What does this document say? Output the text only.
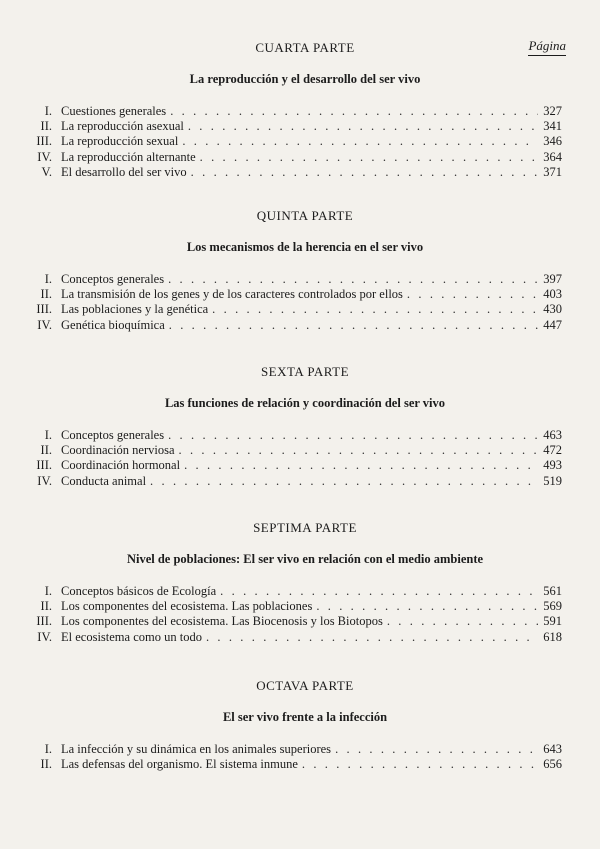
Página
CUARTA PARTE
La reproducción y el desarrollo del ser vivo
I. Cuestiones generales . . .	327
II. La reproducción asexual . . .	341
III. La reproducción sexual . . .	346
IV. La reproducción alternante . . .	364
V. El desarrollo del ser vivo . . .	371
QUINTA PARTE
Los mecanismos de la herencia en el ser vivo
I. Conceptos generales . . .	397
II. La transmisión de los genes y de los caracteres controlados por ellos . . .	403
III. Las poblaciones y la genética . . .	430
IV. Genética bioquímica . . .	447
SEXTA PARTE
Las funciones de relación y coordinación del ser vivo
I. Conceptos generales . . .	463
II. Coordinación nerviosa . . .	472
III. Coordinación hormonal . . .	493
IV. Conducta animal . . .	519
SEPTIMA PARTE
Nivel de poblaciones: El ser vivo en relación con el medio ambiente
I. Conceptos básicos de Ecología . . .	561
II. Los componentes del ecosistema. Las poblaciones . . .	569
III. Los componentes del ecosistema. Las Biocenosis y los Biotopos . . .	591
IV. El ecosistema como un todo . . .	618
OCTAVA PARTE
El ser vivo frente a la infección
I. La infección y su dinámica en los animales superiores . . .	643
II. Las defensas del organismo. El sistema inmune . . .	656
